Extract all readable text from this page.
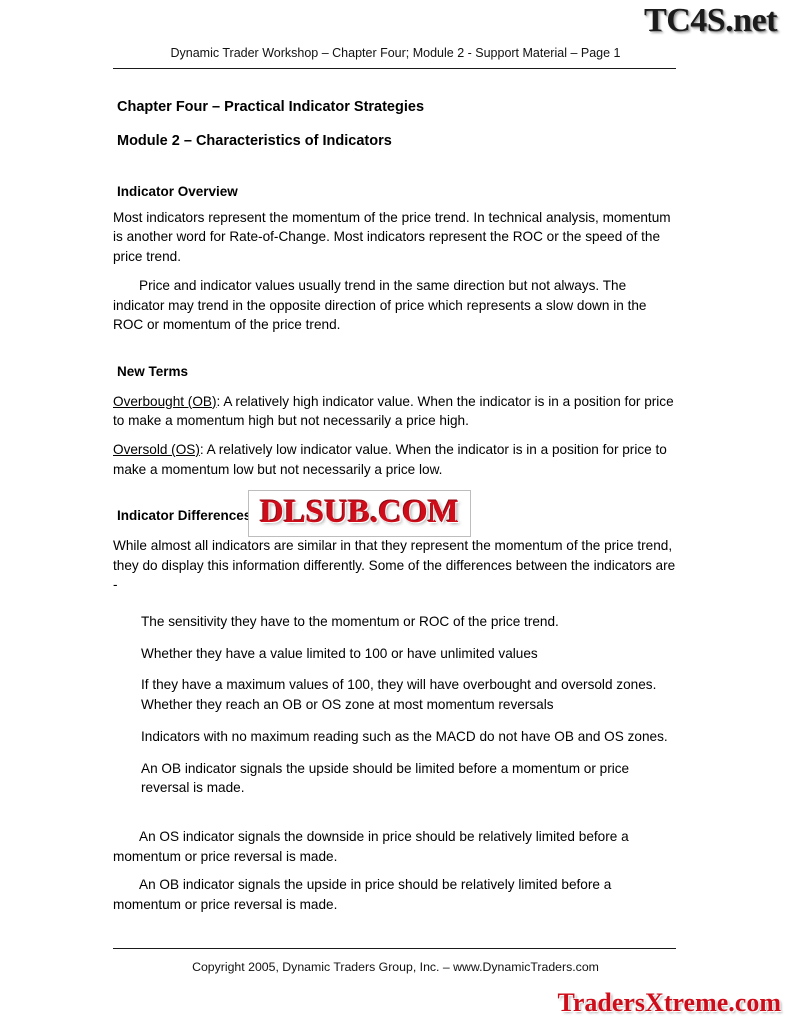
TC4S.net
Dynamic Trader Workshop – Chapter Four; Module 2 - Support Material – Page 1
Chapter Four – Practical Indicator Strategies
Module 2 – Characteristics of Indicators
Indicator Overview

Most indicators represent the momentum of the price trend. In technical analysis, momentum is another word for Rate-of-Change. Most indicators represent the ROC or the speed of the price trend.

Price and indicator values usually trend in the same direction but not always. The indicator may trend in the opposite direction of price which represents a slow down in the ROC or momentum of the price trend.

New Terms

Overbought (OB): A relatively high indicator value. When the indicator is in a position for price to make a momentum high but not necessarily a price high.

Oversold (OS): A relatively low indicator value. When the indicator is in a position for price to make a momentum low but not necessarily a price low.

Indicator Differences

While almost all indicators are similar in that they represent the momentum of the price trend, they do display this information differently. Some of the differences between the indicators are -

The sensitivity they have to the momentum or ROC of the price trend.
Whether they have a value limited to 100 or have unlimited values
If they have a maximum values of 100, they will have overbought and oversold zones. Whether they reach an OB or OS zone at most momentum reversals
Indicators with no maximum reading such as the MACD do not have OB and OS zones.
An OB indicator signals the upside should be limited before a momentum or price reversal is made.

An OS indicator signals the downside in price should be relatively limited before a momentum or price reversal is made.

An OB indicator signals the upside in price should be relatively limited before a momentum or price reversal is made.

DLSUB.COM
Copyright 2005, Dynamic Traders Group, Inc. – www.DynamicTraders.com
TradersXtreme.com
